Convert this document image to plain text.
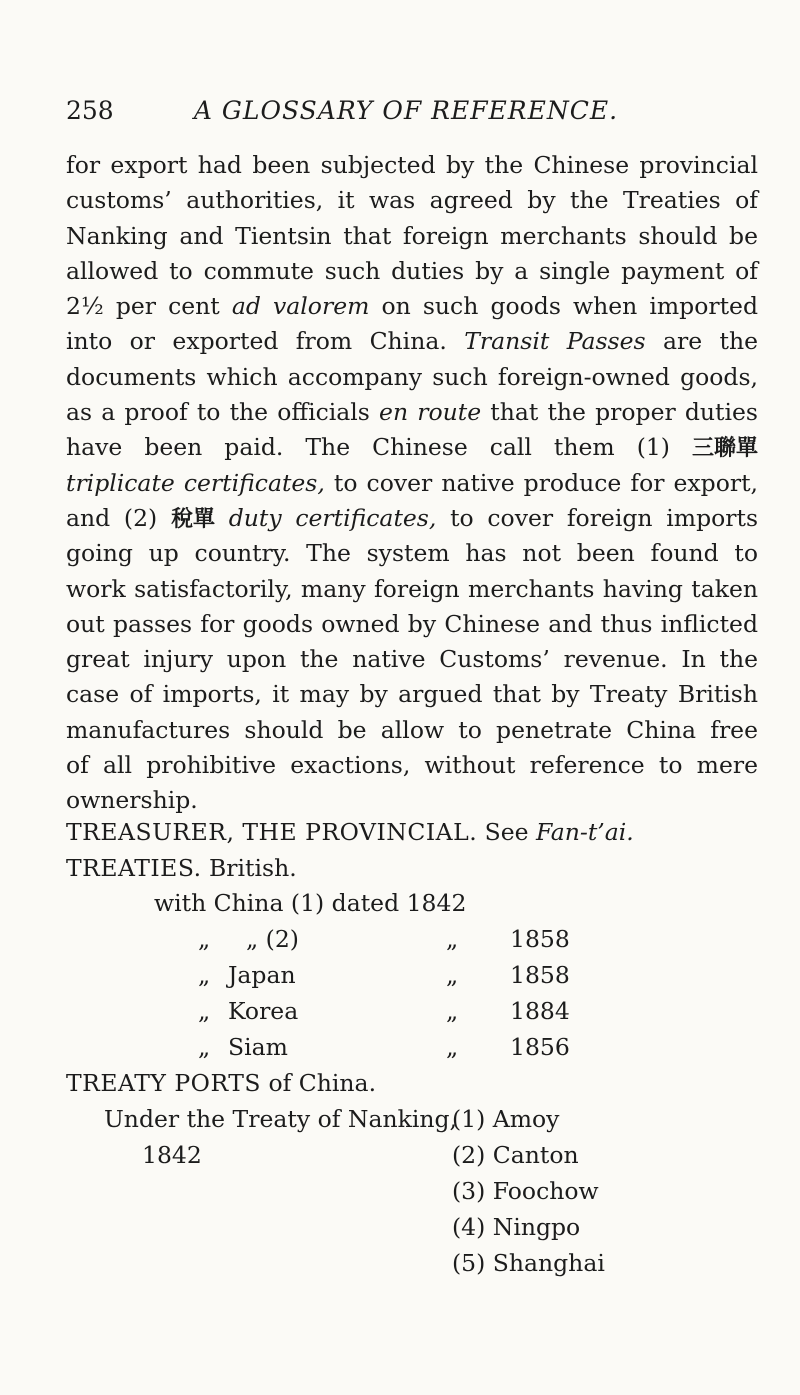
258	A GLOSSARY OF REFERENCE.
for export had been subjected by the Chinese provincial
customs’ authorities, it was agreed by the Treaties of
Nanking and Tientsin that foreign merchants should be
allowed to commute such duties by a single payment of
2½ per cent ad valorem on such goods when imported
into or exported from China. Transit Passes are the
documents which accompany such foreign-owned goods,
as a proof to the officials en route that the proper duties
have been paid. The Chinese call them (1) 三聯單
triplicate certificates, to cover native produce for export,
and (2) 稅單 duty certificates, to cover foreign imports
going up country. The system has not been found to
work satisfactorily, many foreign merchants having taken
out passes for goods owned by Chinese and thus inflicted
great injury upon the native Customs’ revenue. In the
case of imports, it may by argued that by Treaty British
manufactures should be allow to penetrate China free
of all prohibitive exactions, without reference to mere
ownership.
TREASURER, THE PROVINCIAL. See Fan-t’ai.
TREATIES. British.
with China (1) dated 1842
„ „ (2)	„ 1858
„ Japan	„ 1858
„ Korea	„ 1884
„ Siam	„ 1856
TREATY PORTS of China.
Under the Treaty of Nanking,
1842
(1) Amoy
(2) Canton
(3) Foochow
(4) Ningpo
(5) Shanghai
